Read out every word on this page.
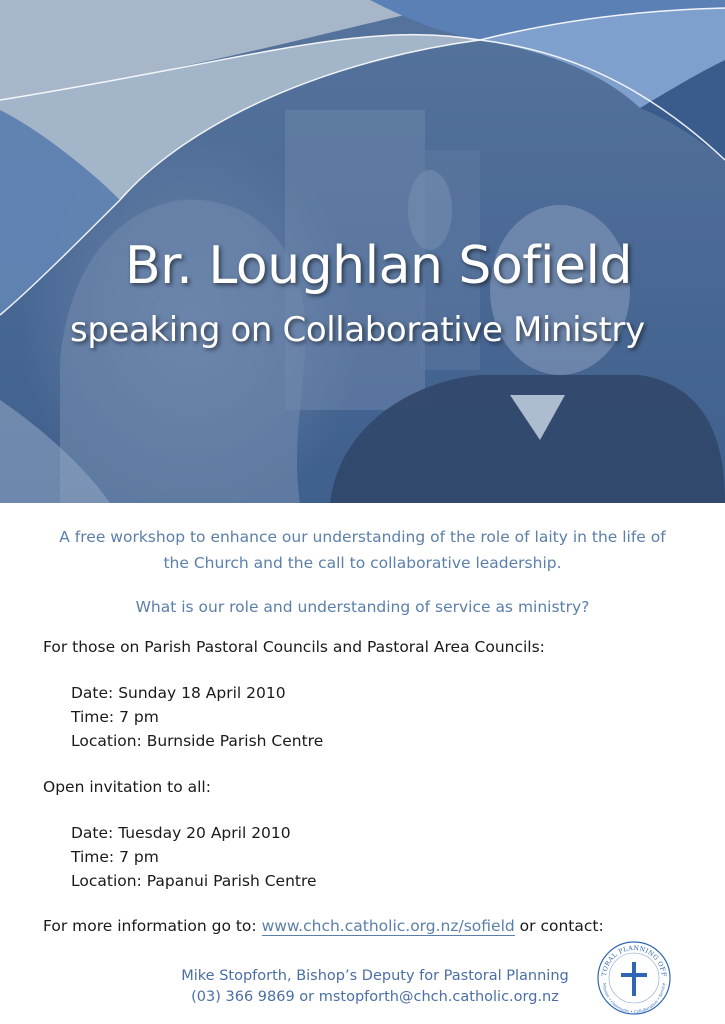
Br. Loughlan Sofield
speaking on Collaborative Ministry
A free workshop to enhance our understanding of the role of laity in the life of
the Church and the call to collaborative leadership.
What is our role and understanding of service as ministry?
For those on Parish Pastoral Councils and Pastoral Area Councils:
Date: Sunday 18 April 2010
Time: 7 pm
Location: Burnside Parish Centre
Open invitation to all:
Date: Tuesday 20 April 2010
Time: 7 pm
Location: Papanui Parish Centre
For more information go to: www.chch.catholic.org.nz/sofield or contact:
Mike Stopforth, Bishop’s Deputy for Pastoral Planning
(03) 366 9869 or mstopforth@chch.catholic.org.nz
TORAL PLANNING OFF
Mission • Communio • Collaboration • Service
